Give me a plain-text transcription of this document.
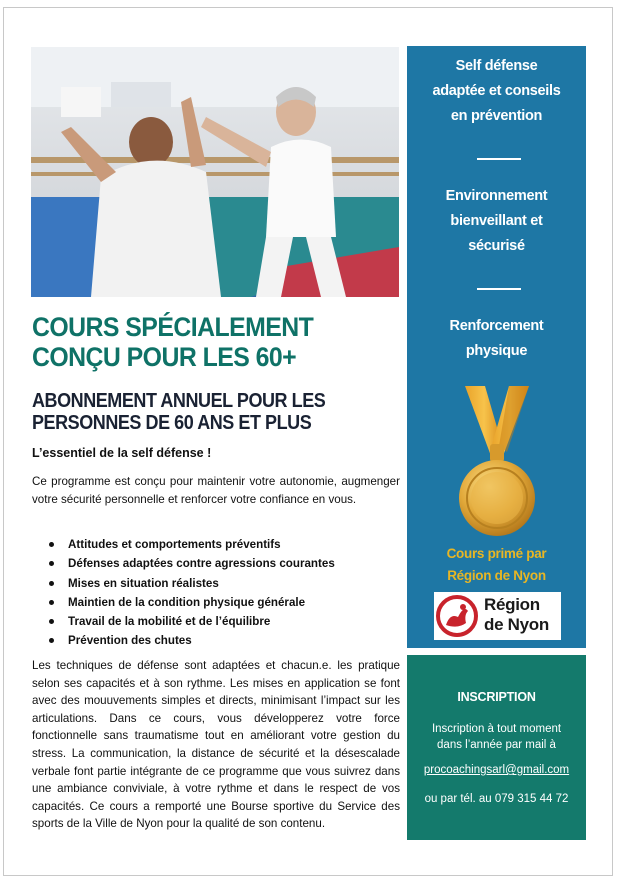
COURS SPÉCIALEMENT
CONÇU POUR LES 60+
ABONNEMENT ANNUEL POUR LES
PERSONNES DE 60 ANS ET PLUS
L’essentiel de la self défense !
Ce programme est conçu pour maintenir votre autonomie, augmenger votre sécurité personnelle et renforcer votre confiance en vous.
Attitudes et comportements préventifs
Défenses adaptées contre agressions courantes
Mises en situation réalistes
Maintien de la condition physique générale
Travail de la mobilité et de l’équilibre
Prévention des chutes
Les techniques de défense sont adaptées et chacun.e. les pratique selon ses capacités et à son rythme. Les mises en application se font avec des mouuvements simples et directs, minimisant l’impact sur les articulations. Dans ce cours, vous développerez votre force fonctionnelle sans traumatisme tout en améliorant votre gestion du stress. La communication, la distance de sécurité et la désescalade verbale font partie intégrante de ce programme que vous suivrez dans une ambiance conviviale, à votre rythme et dans le respect de vos capacités. Ce cours a remporté une Bourse sportive du Service des sports de la Ville de Nyon pour la qualité de son contenu.
Self défense
adaptée et conseils
en prévention
Environnement
bienveillant et
sécurisé
Renforcement
physique
Cours primé par
Région de Nyon
Région
de Nyon
INSCRIPTION
Inscription à tout moment
dans l’année par mail à
procoachingsarl@gmail.com
ou par tél. au 079 315 44 72
